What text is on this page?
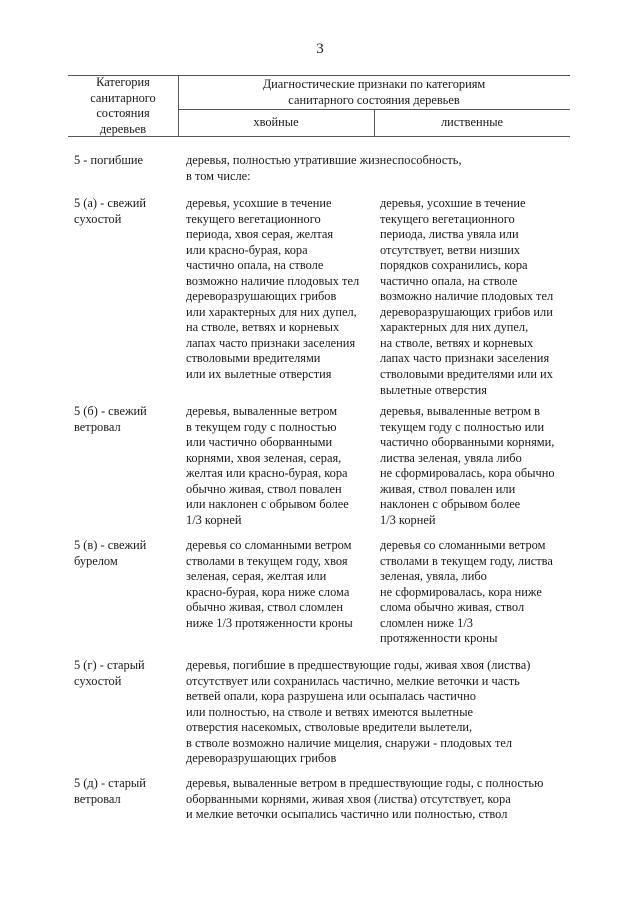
3
Категория
санитарного
состояния
деревьев
Диагностические признаки по категориям
санитарного состояния деревьев
хвойные	лиственные
5 - погибшие	деревья, полностью утратившие жизнеспособность,
в том числе:
5 (а) - свежий
сухостой
деревья, усохшие в течение
текущего вегетационного
периода, хвоя серая, желтая
или красно-бурая, кора
частично опала, на стволе
возможно наличие плодовых тел
дереворазрушающих грибов
или характерных для них дупел,
на стволе, ветвях и корневых
лапах часто признаки заселения
стволовыми вредителями
или их вылетные отверстия
деревья, усохшие в течение
текущего вегетационного
периода, листва увяла или
отсутствует, ветви низших
порядков сохранились, кора
частично опала, на стволе
возможно наличие плодовых тел
дереворазрушающих грибов или
характерных для них дупел,
на стволе, ветвях и корневых
лапах часто признаки заселения
стволовыми вредителями или их
вылетные отверстия
5 (б) - свежий
ветровал
деревья, вываленные ветром
в текущем году с полностью
или частично оборванными
корнями, хвоя зеленая, серая,
желтая или красно-бурая, кора
обычно живая, ствол повален
или наклонен с обрывом более
1/3 корней
деревья, вываленные ветром в
текущем году с полностью или
частично оборванными корнями,
листва зеленая, увяла либо
не сформировалась, кора обычно
живая, ствол повален или
наклонен с обрывом более
1/3 корней
5 (в) - свежий
бурелом
деревья со сломанными ветром
стволами в текущем году, хвоя
зеленая, серая, желтая или
красно-бурая, кора ниже слома
обычно живая, ствол сломлен
ниже 1/3 протяженности кроны
деревья со сломанными ветром
стволами в текущем году, листва
зеленая, увяла, либо
не сформировалась, кора ниже
слома обычно живая, ствол
сломлен ниже 1/3
протяженности кроны
5 (г) - старый
сухостой
деревья, погибшие в предшествующие годы, живая хвоя (листва)
отсутствует или сохранилась частично, мелкие веточки и часть
ветвей опали, кора разрушена или осыпалась частично
или полностью, на стволе и ветвях имеются вылетные
отверстия насекомых, стволовые вредители вылетели,
в стволе возможно наличие мицелия, снаружи - плодовых тел
дереворазрушающих грибов
5 (д) - старый
ветровал
деревья, вываленные ветром в предшествующие годы, с полностью
оборванными корнями, живая хвоя (листва) отсутствует, кора
и мелкие веточки осыпались частично или полностью, ствол
